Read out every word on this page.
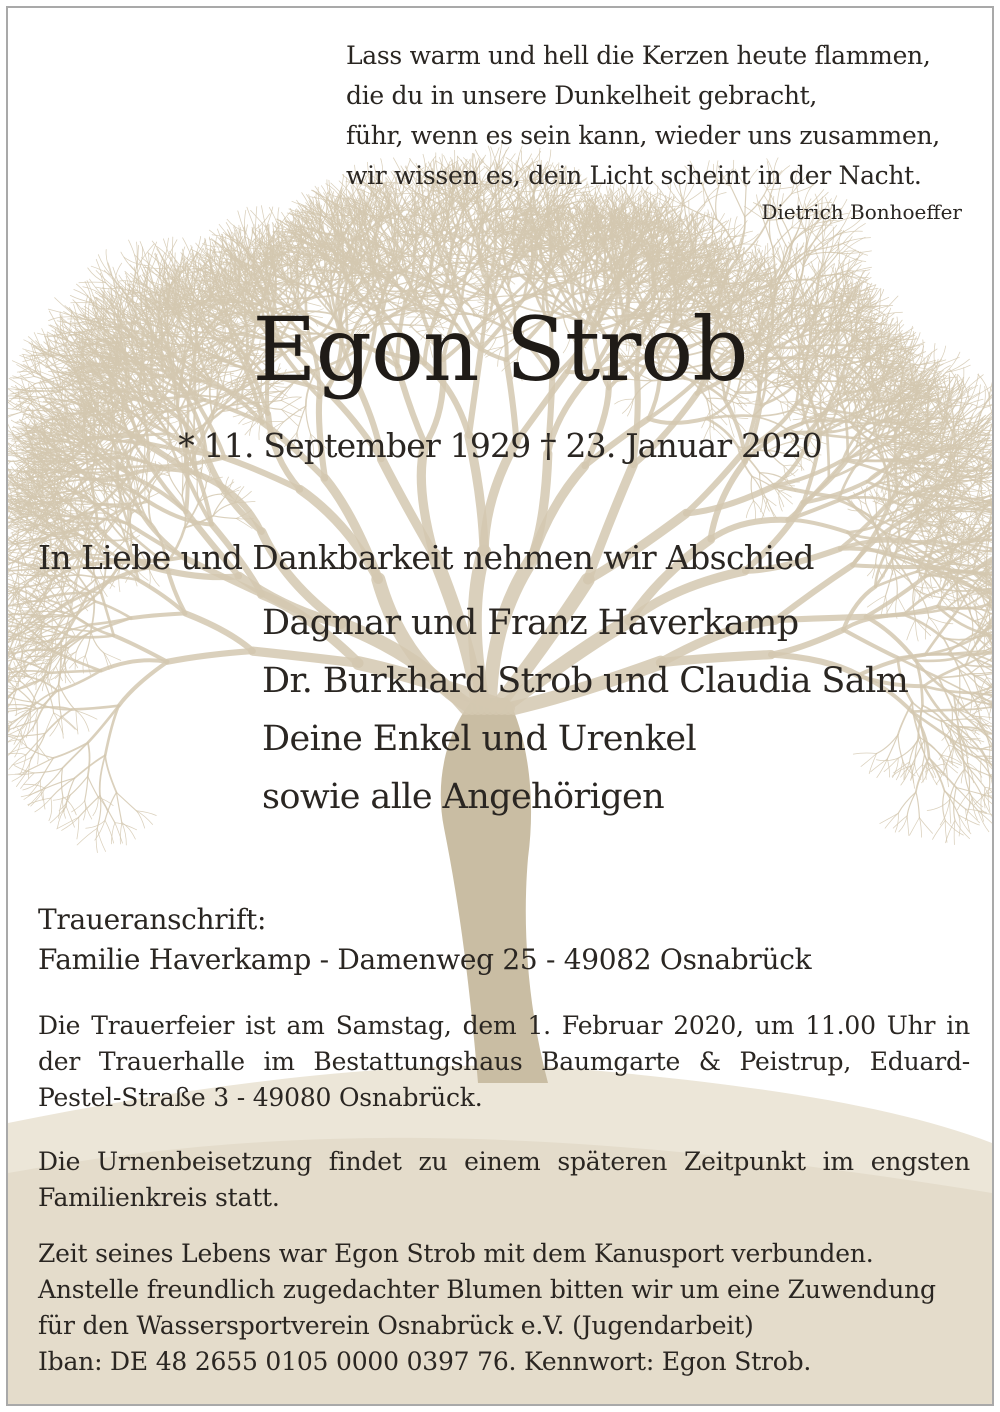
Lass warm und hell die Kerzen heute flammen,
die du in unsere Dunkelheit gebracht,
führ, wenn es sein kann, wieder uns zusammen,
wir wissen es, dein Licht scheint in der Nacht.
Dietrich Bonhoeffer
Egon Strob
* 11. September 1929 † 23. Januar 2020
In Liebe und Dankbarkeit nehmen wir Abschied
Dagmar und Franz Haverkamp
Dr. Burkhard Strob und Claudia Salm
Deine Enkel und Urenkel
sowie alle Angehörigen
Traueranschrift:
Familie Haverkamp - Damenweg 25 - 49082 Osnabrück

Die Trauerfeier ist am Samstag, dem 1. Februar 2020, um 11.00 Uhr in der Trauerhalle im Bestattungshaus Baumgarte & Peistrup, Eduard-Pestel-Straße 3 - 49080 Osnabrück.

Die Urnenbeisetzung findet zu einem späteren Zeitpunkt im engsten Familienkreis statt.

Zeit seines Lebens war Egon Strob mit dem Kanusport verbunden.
Anstelle freundlich zugedachter Blumen bitten wir um eine Zuwendung
für den Wassersportverein Osnabrück e.V. (Jugendarbeit)
Iban: DE 48 2655 0105 0000 0397 76. Kennwort: Egon Strob.
